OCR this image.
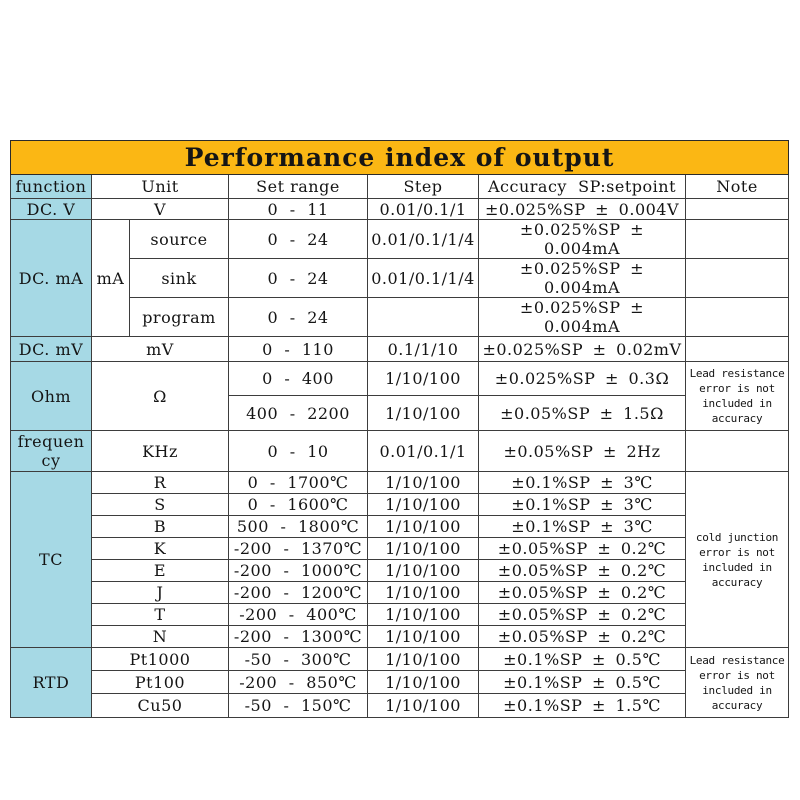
Performance index of output						
function	Unit		Set range	Step	Accuracy  SP:setpoint	Note
DC. V	V		0 - 11	0.01/0.1/1	±0.025%SP ± 0.004V	
DC. mA	mA	source	0 - 24	0.01/0.1/1/4	±0.025%SP ± 0.004mA	
		sink	0 - 24	0.01/0.1/1/4	±0.025%SP ± 0.004mA	
		program	0 - 24		±0.025%SP ± 0.004mA	
DC. mV	mV		0 - 110	0.1/1/10	±0.025%SP ± 0.02mV	
Ohm	Ω		0 - 400	1/10/100	±0.025%SP ± 0.3Ω	Lead resistance error is not included in accuracy
			400 - 2200	1/10/100	±0.05%SP ± 1.5Ω	
frequency	KHz		0 - 10	0.01/0.1/1	±0.05%SP ± 2Hz	
TC	R		0 - 1700℃	1/10/100	±0.1%SP ± 3℃	cold junction error is not included in accuracy
	S		0 - 1600℃	1/10/100	±0.1%SP ± 3℃	
	B		500 - 1800℃	1/10/100	±0.1%SP ± 3℃	
	K		-200 - 1370℃	1/10/100	±0.05%SP ± 0.2℃	
	E		-200 - 1000℃	1/10/100	±0.05%SP ± 0.2℃	
	J		-200 - 1200℃	1/10/100	±0.05%SP ± 0.2℃	
	T		-200 - 400℃	1/10/100	±0.05%SP ± 0.2℃	
	N		-200 - 1300℃	1/10/100	±0.05%SP ± 0.2℃	
RTD	Pt1000		-50 - 300℃	1/10/100	±0.1%SP ± 0.5℃	Lead resistance error is not included in accuracy
	Pt100		-200 - 850℃	1/10/100	±0.1%SP ± 0.5℃	
	Cu50		-50 - 150℃	1/10/100	±0.1%SP ± 1.5℃	
